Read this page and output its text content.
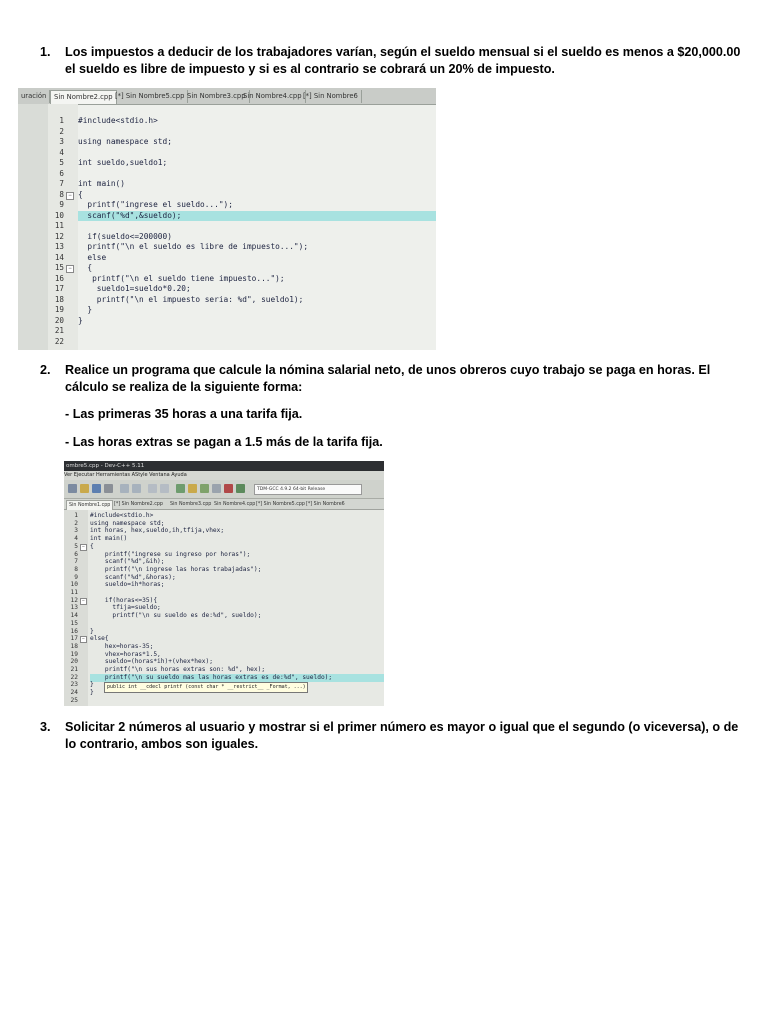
1. Los impuestos a deducir de los trabajadores varían, según el sueldo mensual si el sueldo es menos a $20,000.00 el sueldo es libre de impuesto y si es al contrario se cobrará un 20% de impuesto.
uración	Sin Nombre2.cpp [*] Sin Nombre5.cpp Sin Nombre3.cpp
Sin Nombre4.cpp [*] Sin Nombre6
1
2
3
4
5
6
7
8
9
10
11
12
13
14
15
16
17
18
19
20
21
22
−
−
#include<stdio.h>
using namespace std;
int sueldo,sueldo1;
int main()
{
printf("ingrese el sueldo...");
scanf("%d",&sueldo);
if(sueldo<=200000)
printf("\n el sueldo es libre de impuesto...");
else
{
printf("\n el sueldo tiene impuesto...");
sueldo1=sueldo*0.20;
printf("\n el impuesto seria: %d", sueldo1);
}
}
2. Realice un programa que calcule la nómina salarial neto, de unos obreros cuyo trabajo se paga en horas. El cálculo se realiza de la siguiente forma:
- Las primeras 35 horas a una tarifa fija.
- Las horas extras se pagan a 1.5 más de la tarifa fija.
ombre5.cpp - Dev-C++ 5.11
Ver Ejecutar Herramientas AStyle Ventana Ayuda
TDM-GCC 4.9.2 64-bit Release
Sin Nombre1.cpp [*] Sin Nombre2.cpp	Sin Nombre3.cpp Sin Nombre4.cpp [*] Sin Nombre5.cpp [*] Sin Nombre6
1
2
3
4
5
6
7
8
9
10
11
12
13
14
15
16
17
18
19
20
21
22
23
24
25
−
−
−
#include<stdio.h>
using namespace std;
int horas, hex,sueldo,ih,tfija,vhex;
int main()
{
printf("ingrese su ingreso por horas");
scanf("%d",&ih);
printf("\n ingrese las horas trabajadas");
scanf("%d",&horas);
sueldo=ih*horas;
if(horas<=35){
tfija=sueldo;
printf("\n su sueldo es de:%d", sueldo);
}
else{
hex=horas-35;
vhex=horas*1.5,
sueldo=(horas*ih)+(vhex*hex);
printf("\n sus horas extras son: %d", hex);
printf("\n su sueldo mas las horas extras es de:%d", sueldo);
}
}
public int __cdecl printf (const char * __restrict__ _Format, ...)
3. Solicitar 2 números al usuario y mostrar si el primer número es mayor o igual que el segundo (o viceversa), o de lo contrario, ambos son iguales.
